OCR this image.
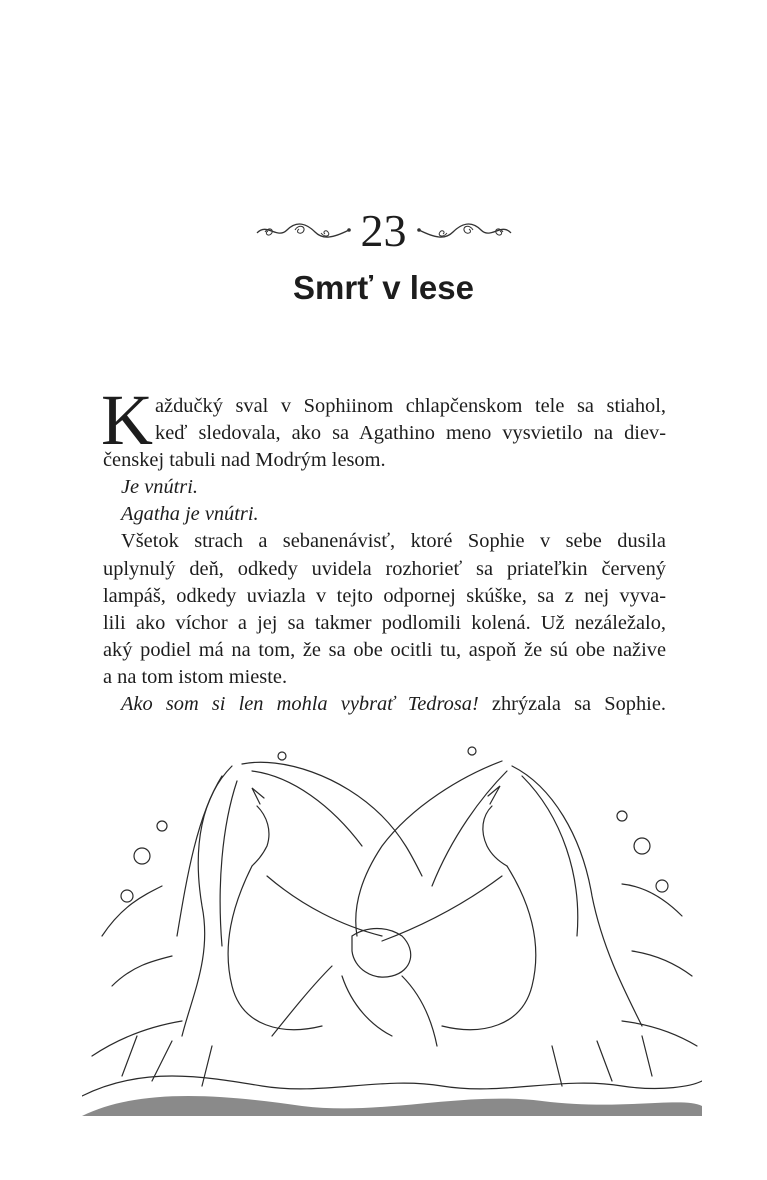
23
Smrť v lese
K aždučký sval v Sophiinom chlapčenskom tele sa stiahol,
keď sledovala, ako sa Agathino meno vysvietilo na diev-
čenskej tabuli nad Modrým lesom.
Je vnútri.
Agatha je vnútri.
Všetok strach a sebanenávisť, ktoré Sophie v sebe dusila
uplynulý deň, odkedy uvidela rozhorieť sa priateľkin červený
lampáš, odkedy uviazla v tejto odpornej skúške, sa z nej vyva-
lili ako víchor a jej sa takmer podlomili kolená. Už nezáležalo,
aký podiel má na tom, že sa obe ocitli tu, aspoň že sú obe nažive
a na tom istom mieste.
Ako som si len mohla vybrať Tedrosa! zhrýzala sa Sophie.
